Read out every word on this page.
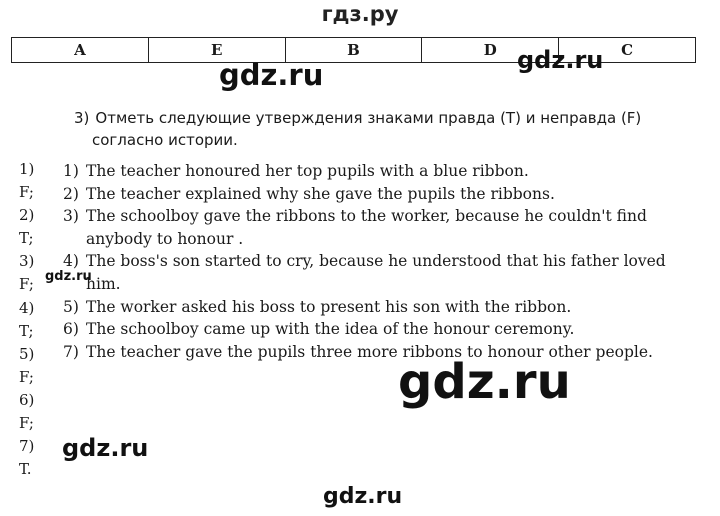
гдз.ру
A	E	B	D	C
gdz.ru	gdz.ru
3) Отметь следующие утверждения знаками правда (T) и неправда (F)
согласно истории.
1)
F;
2)
T;
3)
F;
4)
T;
5)
F;
6)
F;
7)
T.
1) The teacher honoured her top pupils with a blue ribbon.
2) The teacher explained why she gave the pupils the ribbons.
3) The schoolboy gave the ribbons to the worker, because he couldn't find anybody to honour .
4) The boss's son started to cry, because he understood that his father loved him.
5) The worker asked his boss to present his son with the ribbon.
6) The schoolboy came up with the idea of the honour ceremony.
7) The teacher gave the pupils three more ribbons to honour other people.
gdz.ru
gdz.ru
gdz.ru
gdz.ru
